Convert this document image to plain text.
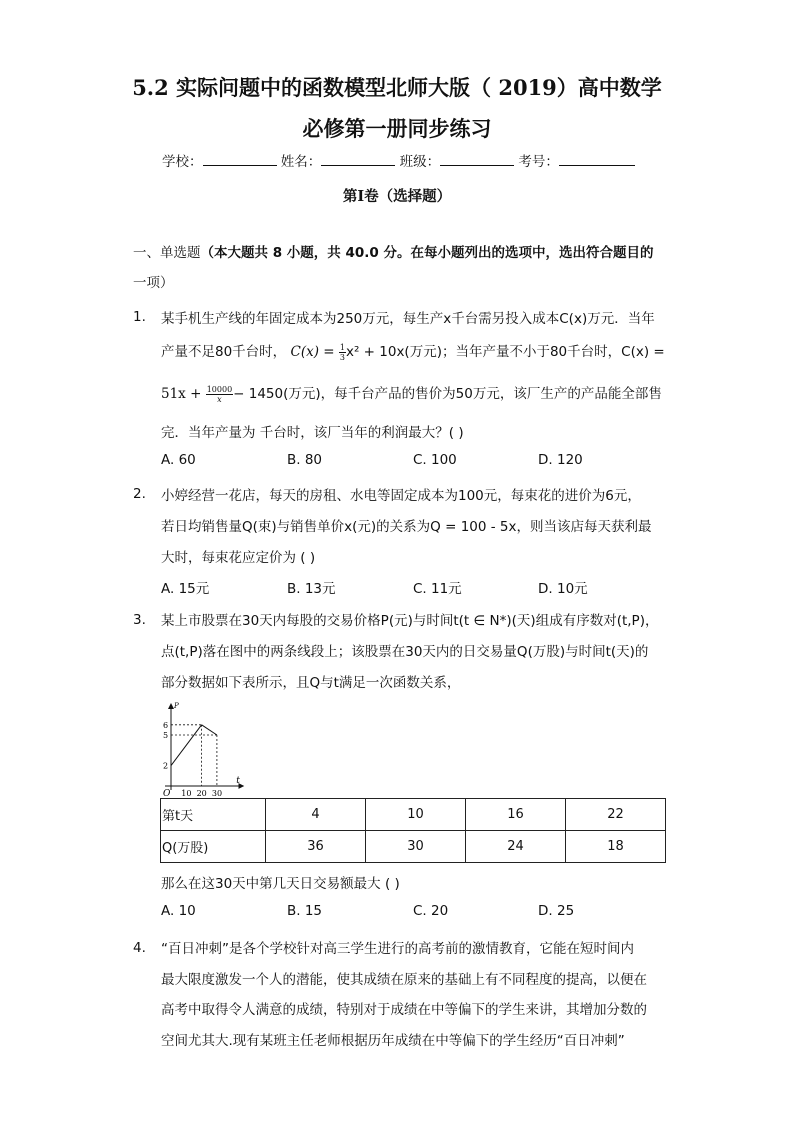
5.2 实际问题中的函数模型北师大版（ 2019）高中数学
必修第一册同步练习
学校：	姓名：	班级：	考号：
第Ⅰ卷（选择题）
一、单选题（本大题共 8 小题，共 40.0 分。在每小题列出的选项中，选出符合题目的
一项）
1. 某手机生产线的年固定成本为250万元，每生产x千台需另投入成本C(x)万元．当年
产量不足80千台时， $C(x) = \frac{1}{3} x^2 + 10x$(万元)；当年产量不小于80千台时，C(x) =
$51x + \frac{10000}{x} - 1450$(万元)，每千台产品的售价为50万元，该厂生产的产品能全部售
完．当年产量为 千台时，该厂当年的利润最大？( )
A. 60	B. 80	C. 100	D. 120
2. 小婷经营一花店，每天的房租、水电等固定成本为100元，每束花的进价为6元，
若日均销售量Q(束)与销售单价x(元)的关系为Q = 100 - 5x，则当该店每天获利最
大时，每束花应定价为 ( )
A. 15元	B. 13元	C. 11元	D. 10元
3. 某上市股票在30天内每股的交易价格P(元)与时间t(t ∈ N*)(天)组成有序数对(t,P)，
点(t,P)落在图中的两条线段上；该股票在30天内的日交易量Q(万股)与时间t(天)的
部分数据如下表所示，且Q与t满足一次函数关系，
t
P
O 10 20 30
2
5
6
第t天	4	10	16	22
Q(万股)	36	30	24	18
那么在这30天中第几天日交易额最大 ( )
A. 10	B. 15	C. 20	D. 25
4. “百日冲刺”是各个学校针对高三学生进行的高考前的激情教育，它能在短时间内
最大限度激发一个人的潜能，使其成绩在原来的基础上有不同程度的提高，以便在
高考中取得令人满意的成绩，特别对于成绩在中等偏下的学生来讲，其增加分数的
空间尤其大.现有某班主任老师根据历年成绩在中等偏下的学生经历“百日冲刺”
